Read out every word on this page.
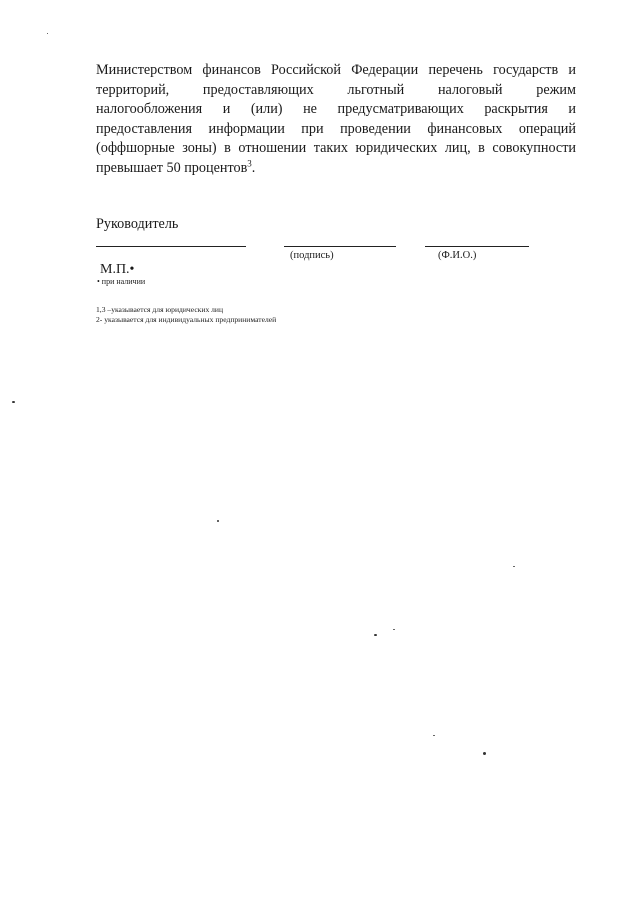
Министерством финансов Российской Федерации перечень государств и
территорий, предоставляющих льготный налоговый режим
налогообложения и (или) не предусматривающих раскрытия и
предоставления информации при проведении финансовых операций
(оффшорные зоны) в отношении таких юридических лиц, в совокупности
превышает 50 процентов$^3$.
Руководитель
(подпись)	(Ф.И.О.)
М.П.•
• при наличии
1,3 –указывается для юридических лиц
2- указывается для индивидуальных предпринимателей
